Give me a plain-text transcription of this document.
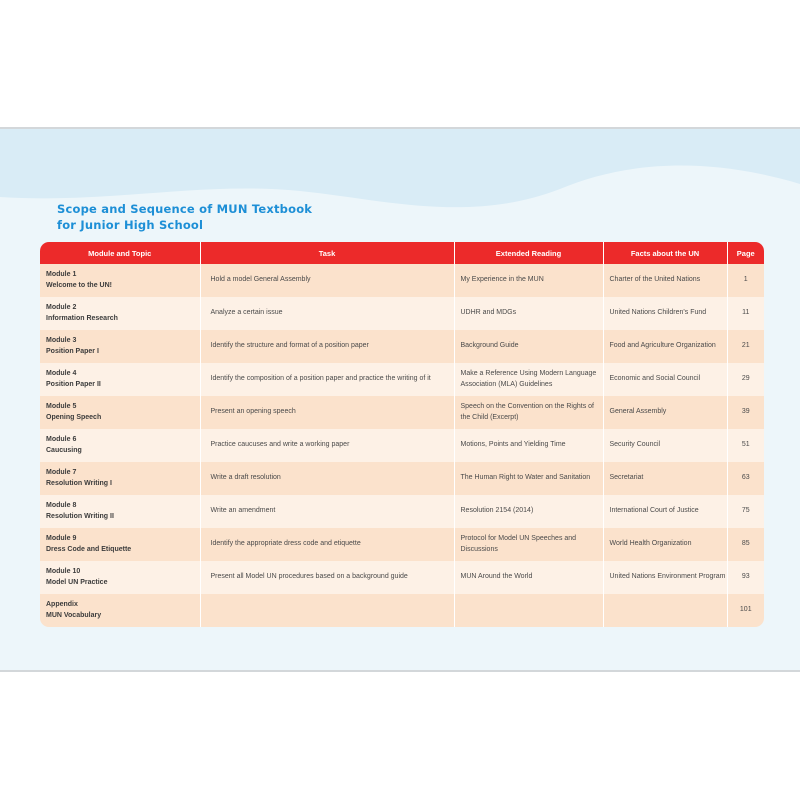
Scope and Sequence of MUN Textbook
for Junior High School
Module and Topic	Task	Extended Reading	Facts about the UN	Page

Module 1
Welcome to the UN!	Hold a model General Assembly	My Experience in the MUN	Charter of the United Nations	1

Module 2
Information Research	Analyze a certain issue	UDHR and MDGs	United Nations Children's Fund	11

Module 3
Position Paper I	Identify the structure and format of a position paper	Background Guide	Food and Agriculture Organization	21

Module 4
Position Paper II	Identify the composition of a position paper and practice the writing of it	Make a Reference Using Modern Language Association (MLA) Guidelines	Economic and Social Council	29

Module 5
Opening Speech	Present an opening speech	Speech on the Convention on the Rights of the Child (Excerpt)	General Assembly	39

Module 6
Caucusing	Practice caucuses and write a working paper	Motions, Points and Yielding Time	Security Council	51

Module 7
Resolution Writing I	Write a draft resolution	The Human Right to Water and Sanitation	Secretariat	63

Module 8
Resolution Writing II	Write an amendment	Resolution 2154 (2014)	International Court of Justice	75

Module 9
Dress Code and Etiquette	Identify the appropriate dress code and etiquette	Protocol for Model UN Speeches and Discussions	World Health Organization	85

Module 10
Model UN Practice	Present all Model UN procedures based on a background guide	MUN Around the World	United Nations Environment Program	93

Appendix
MUN Vocabulary				101
